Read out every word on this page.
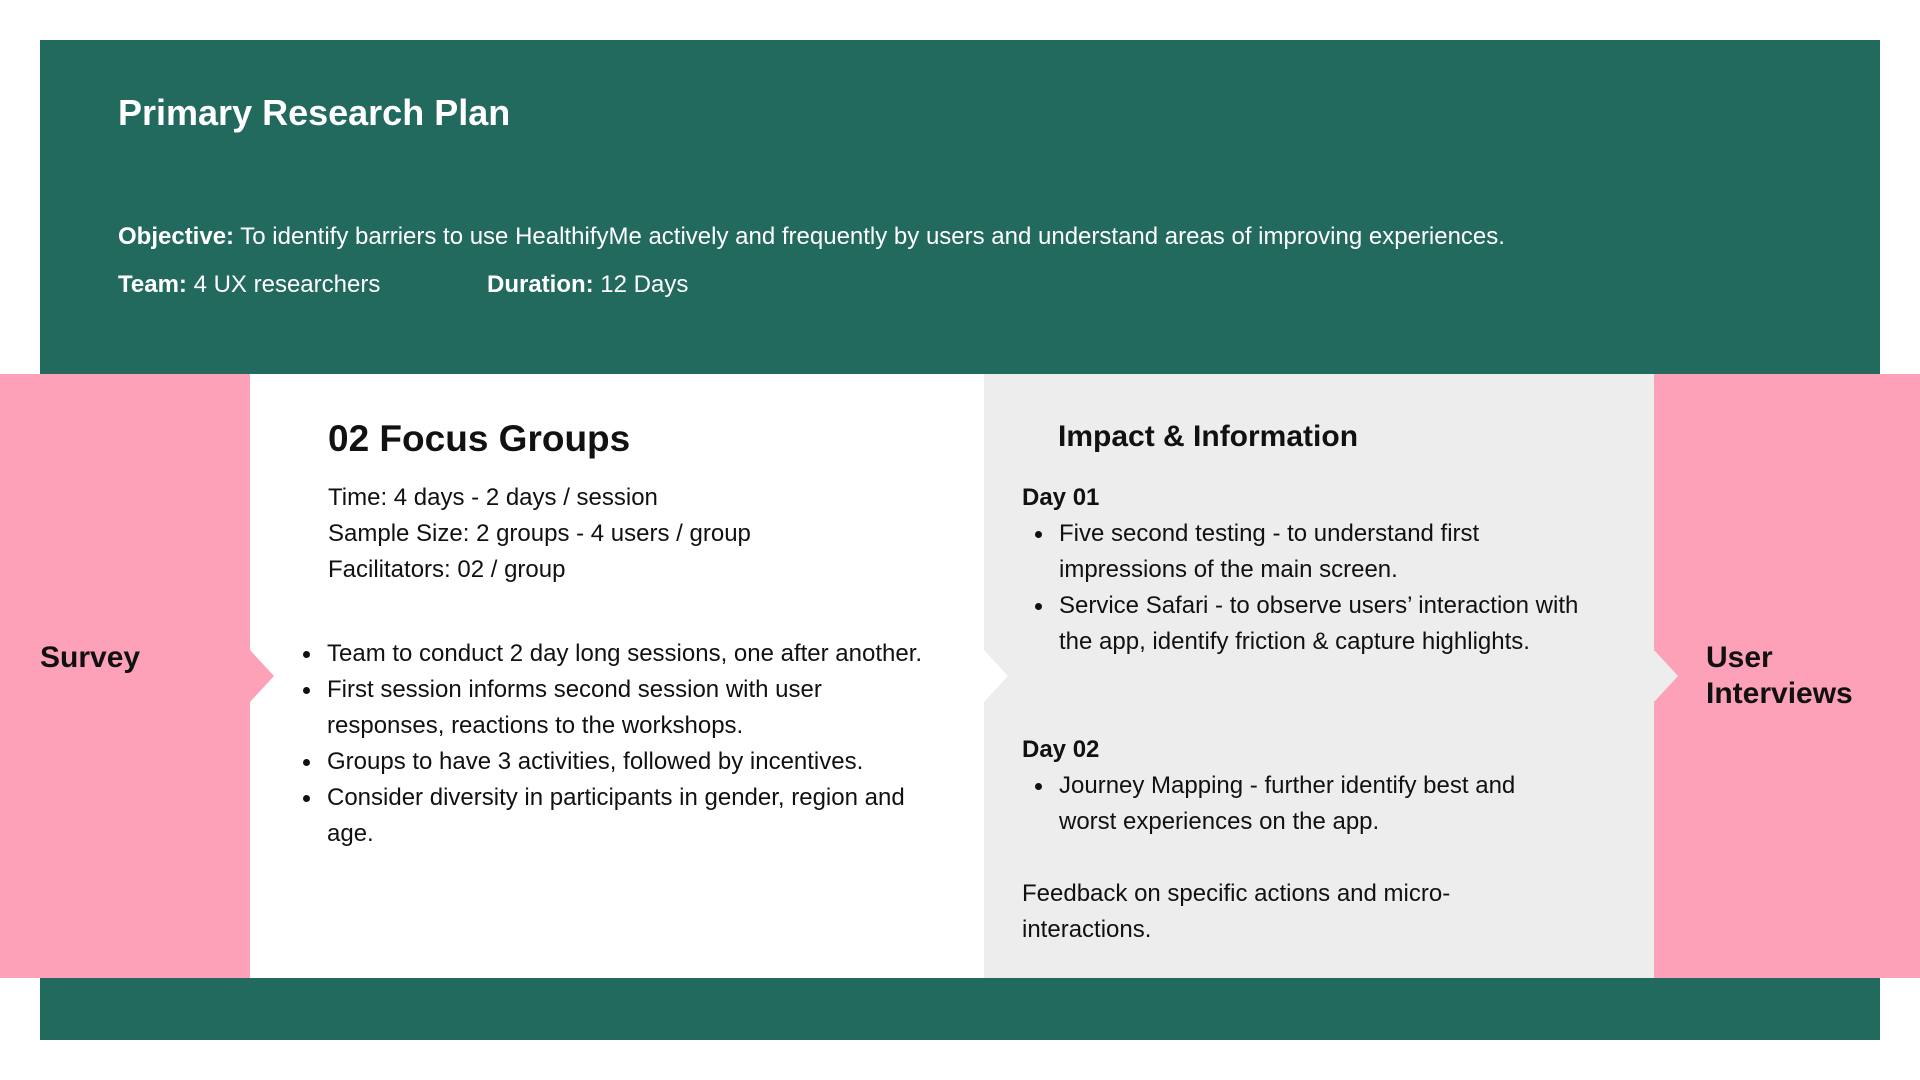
Primary Research Plan
Objective: To identify barriers to use HealthifyMe actively and frequently by users and understand areas of improving experiences.
Team: 4 UX researchers	Duration: 12 Days
Survey	User Interviews
02 Focus Groups
Time: 4 days - 2 days / session
Sample Size: 2 groups - 4 users / group
Facilitators: 02 / group
Team to conduct 2 day long sessions, one after another.
First session informs second session with user responses, reactions to the workshops.
Groups to have 3 activities, followed by incentives.
Consider diversity in participants in gender, region and age.
Impact & Information
Day 01
Five second testing - to understand first impressions of the main screen.
Service Safari - to observe users’ interaction with the app, identify friction & capture highlights.
Day 02
Journey Mapping - further identify best and worst experiences on the app.
Feedback on specific actions and micro-interactions.
